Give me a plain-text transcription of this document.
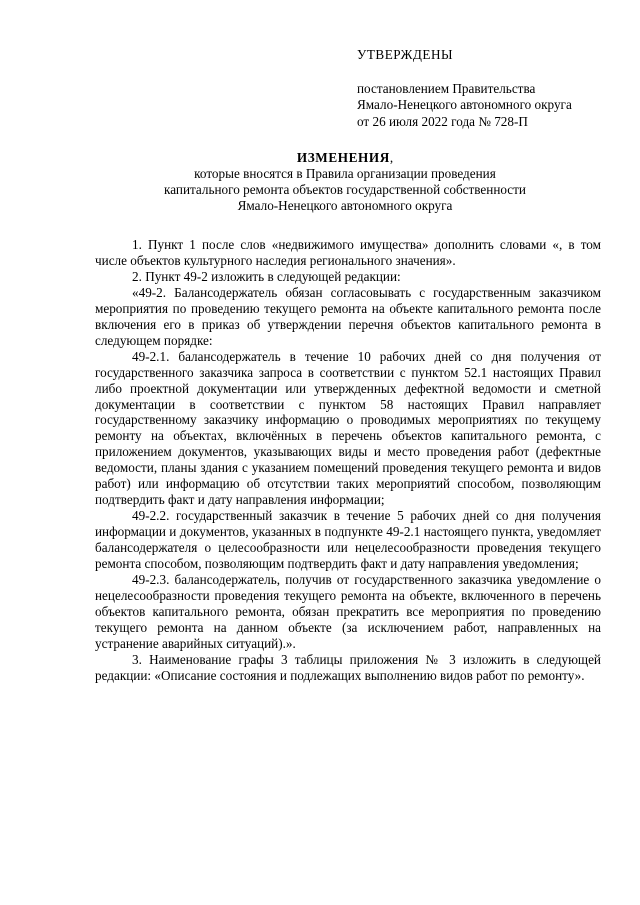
УТВЕРЖДЕНЫ
постановлением Правительства
Ямало-Ненецкого автономного округа
от 26 июля 2022 года № 728-П
ИЗМЕНЕНИЯ,
которые вносятся в Правила организации проведения
капитального ремонта объектов государственной собственности
Ямало-Ненецкого автономного округа

1. Пункт 1 после слов «недвижимого имущества» дополнить словами «, в том числе объектов культурного наследия регионального значения».

2. Пункт 49-2 изложить в следующей редакции:

«49-2. Балансодержатель обязан согласовывать с государственным заказчиком мероприятия по проведению текущего ремонта на объекте капитального ремонта после включения его в приказ об утверждении перечня объектов капитального ремонта в следующем порядке:

49-2.1. балансодержатель в течение 10 рабочих дней со дня получения от государственного заказчика запроса в соответствии с пунктом 52.1 настоящих Правил либо проектной документации или утвержденных дефектной ведомости и сметной документации в соответствии с пунктом 58 настоящих Правил направляет государственному заказчику информацию о проводимых мероприятиях по текущему ремонту на объектах, включённых в перечень объектов капитального ремонта, с приложением документов, указывающих виды и место проведения работ (дефектные ведомости, планы здания с указанием помещений проведения текущего ремонта и видов работ) или информацию об отсутствии таких мероприятий способом, позволяющим подтвердить факт и дату направления информации;

49-2.2. государственный заказчик в течение 5 рабочих дней со дня получения информации и документов, указанных в подпункте 49-2.1 настоящего пункта, уведомляет балансодержателя о целесообразности или нецелесообразности проведения текущего ремонта способом, позволяющим подтвердить факт и дату направления уведомления;

49-2.3. балансодержатель, получив от государственного заказчика уведомление о нецелесообразности проведения текущего ремонта на объекте, включенного в перечень объектов капитального ремонта, обязан прекратить все мероприятия по проведению текущего ремонта на данном объекте (за исключением работ, направленных на устранение аварийных ситуаций).».

3. Наименование графы 3 таблицы приложения № 3 изложить в следующей редакции: «Описание состояния и подлежащих выполнению видов работ по ремонту».
